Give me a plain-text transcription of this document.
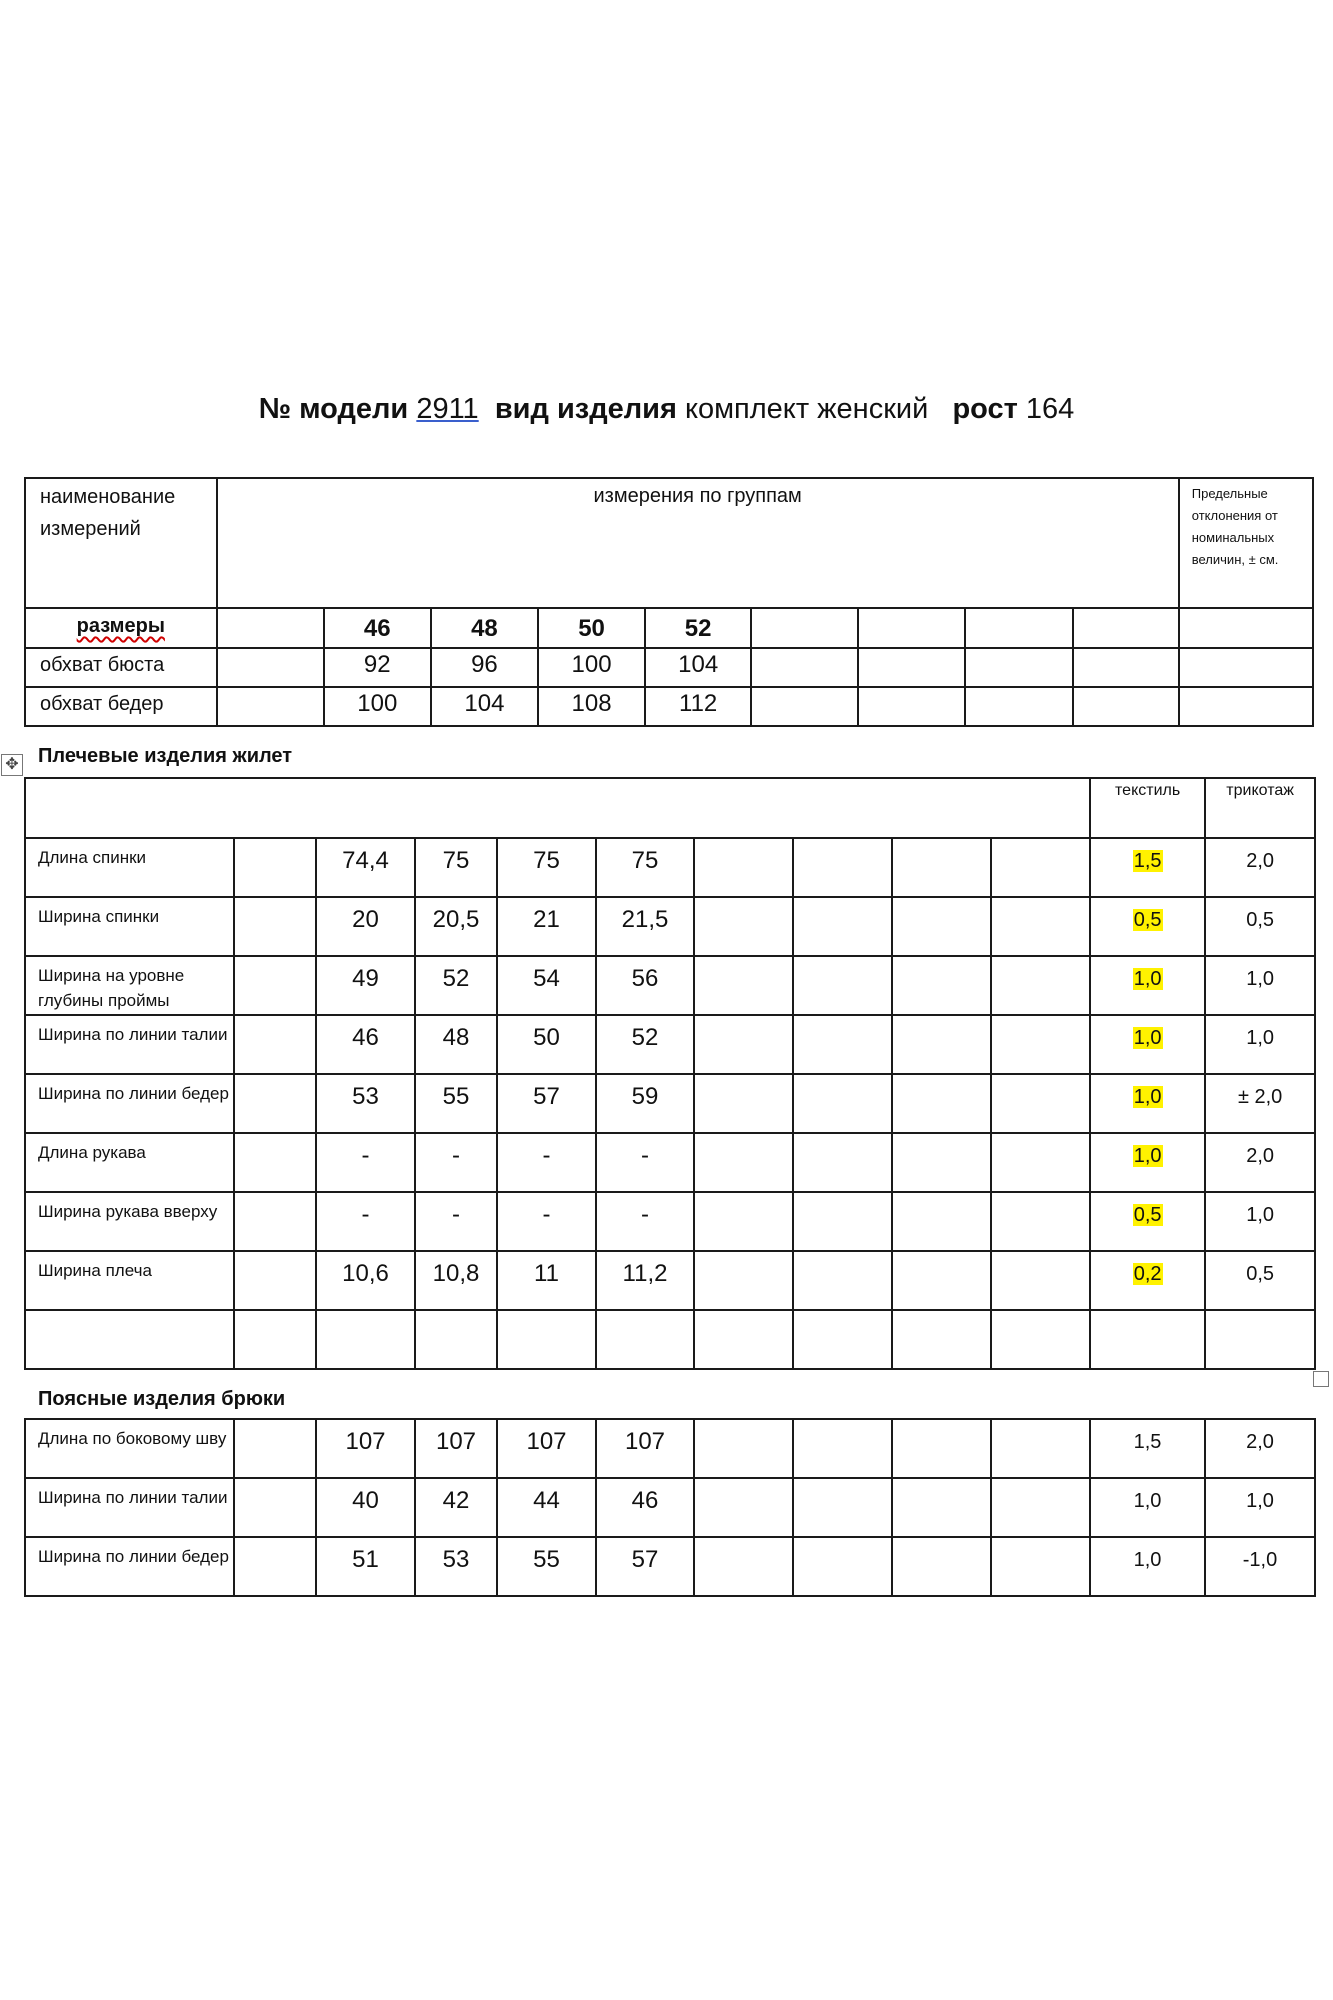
№ модели 2911 вид изделия комплект женский рост 164
наименование измерений	измерения по группам									Предельные отклонения от номинальных величин, ± см.
размеры		46	48	50	52					
обхват бюста		92	96	100	104					
обхват бедер		100	104	108	112					
✥ Плечевые изделия жилет
										текстиль	трикотаж
Длина спинки		74,4	75	75	75					1,5	2,0
Ширина спинки		20	20,5	21	21,5					0,5	0,5
Ширина на уровне глубины проймы		49	52	54	56					1,0	1,0
Ширина по линии талии		46	48	50	52					1,0	1,0
Ширина по линии бедер		53	55	57	59					1,0	± 2,0
Длина рукава		-	-	-	-					1,0	2,0
Ширина рукава вверху		-	-	-	-					0,5	1,0
Ширина плеча		10,6	10,8	11	11,2					0,2	0,5

Поясные изделия брюки
Длина по боковому шву		107	107	107	107					1,5	2,0
Ширина по линии талии		40	42	44	46					1,0	1,0
Ширина по линии бедер		51	53	55	57					1,0	-1,0
